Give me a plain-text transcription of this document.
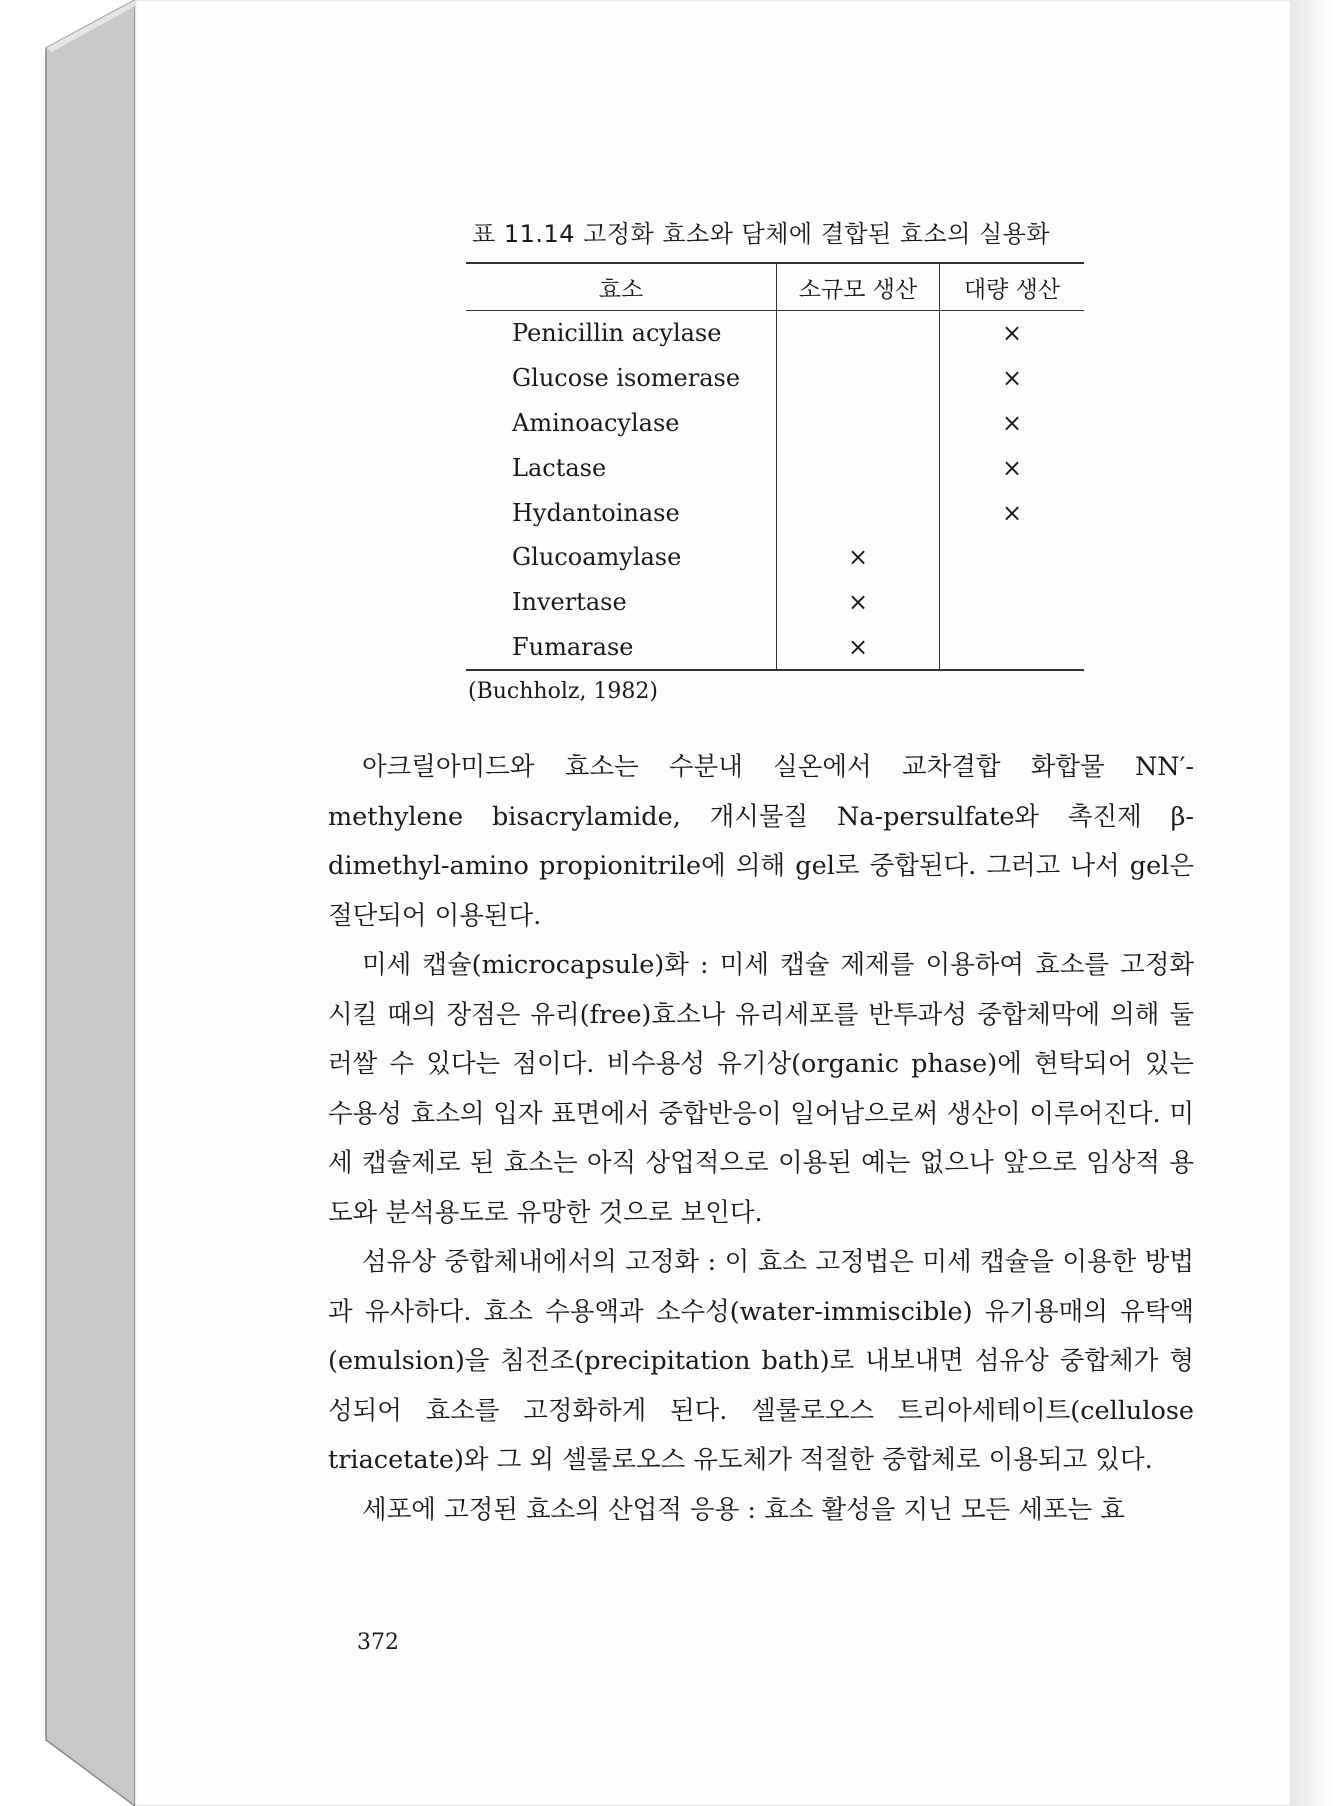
표 11.14 고정화 효소와 담체에 결합된 효소의 실용화
효소	소규모 생산	대량 생산
Penicillin acylase		×
Glucose isomerase		×
Aminoacylase		×
Lactase		×
Hydantoinase		×
Glucoamylase	×	
Invertase	×	
Fumarase	×	
(Buchholz, 1982)

아크릴아미드와 효소는 수분내 실온에서 교차결합 화합물 NN′-methylene bisacrylamide, 개시물질 Na-persulfate와 촉진제 β-dimethyl-amino propionitrile에 의해 gel로 중합된다. 그러고 나서 gel은 절단되어 이용된다.

미세 캡슐(microcapsule)화 : 미세 캡슐 제제를 이용하여 효소를 고정화시킬 때의 장점은 유리(free)효소나 유리세포를 반투과성 중합체막에 의해 둘러쌀 수 있다는 점이다. 비수용성 유기상(organic phase)에 현탁되어 있는 수용성 효소의 입자 표면에서 중합반응이 일어남으로써 생산이 이루어진다. 미세 캡슐제로 된 효소는 아직 상업적으로 이용된 예는 없으나 앞으로 임상적 용도와 분석용도로 유망한 것으로 보인다.

섬유상 중합체내에서의 고정화 : 이 효소 고정법은 미세 캡슐을 이용한 방법과 유사하다. 효소 수용액과 소수성(water-immiscible) 유기용매의 유탁액(emulsion)을 침전조(precipitation bath)로 내보내면 섬유상 중합체가 형성되어 효소를 고정화하게 된다. 셀룰로오스 트리아세테이트(cellulose triacetate)와 그 외 셀룰로오스 유도체가 적절한 중합체로 이용되고 있다.

세포에 고정된 효소의 산업적 응용 : 효소 활성을 지닌 모든 세포는 효

372
